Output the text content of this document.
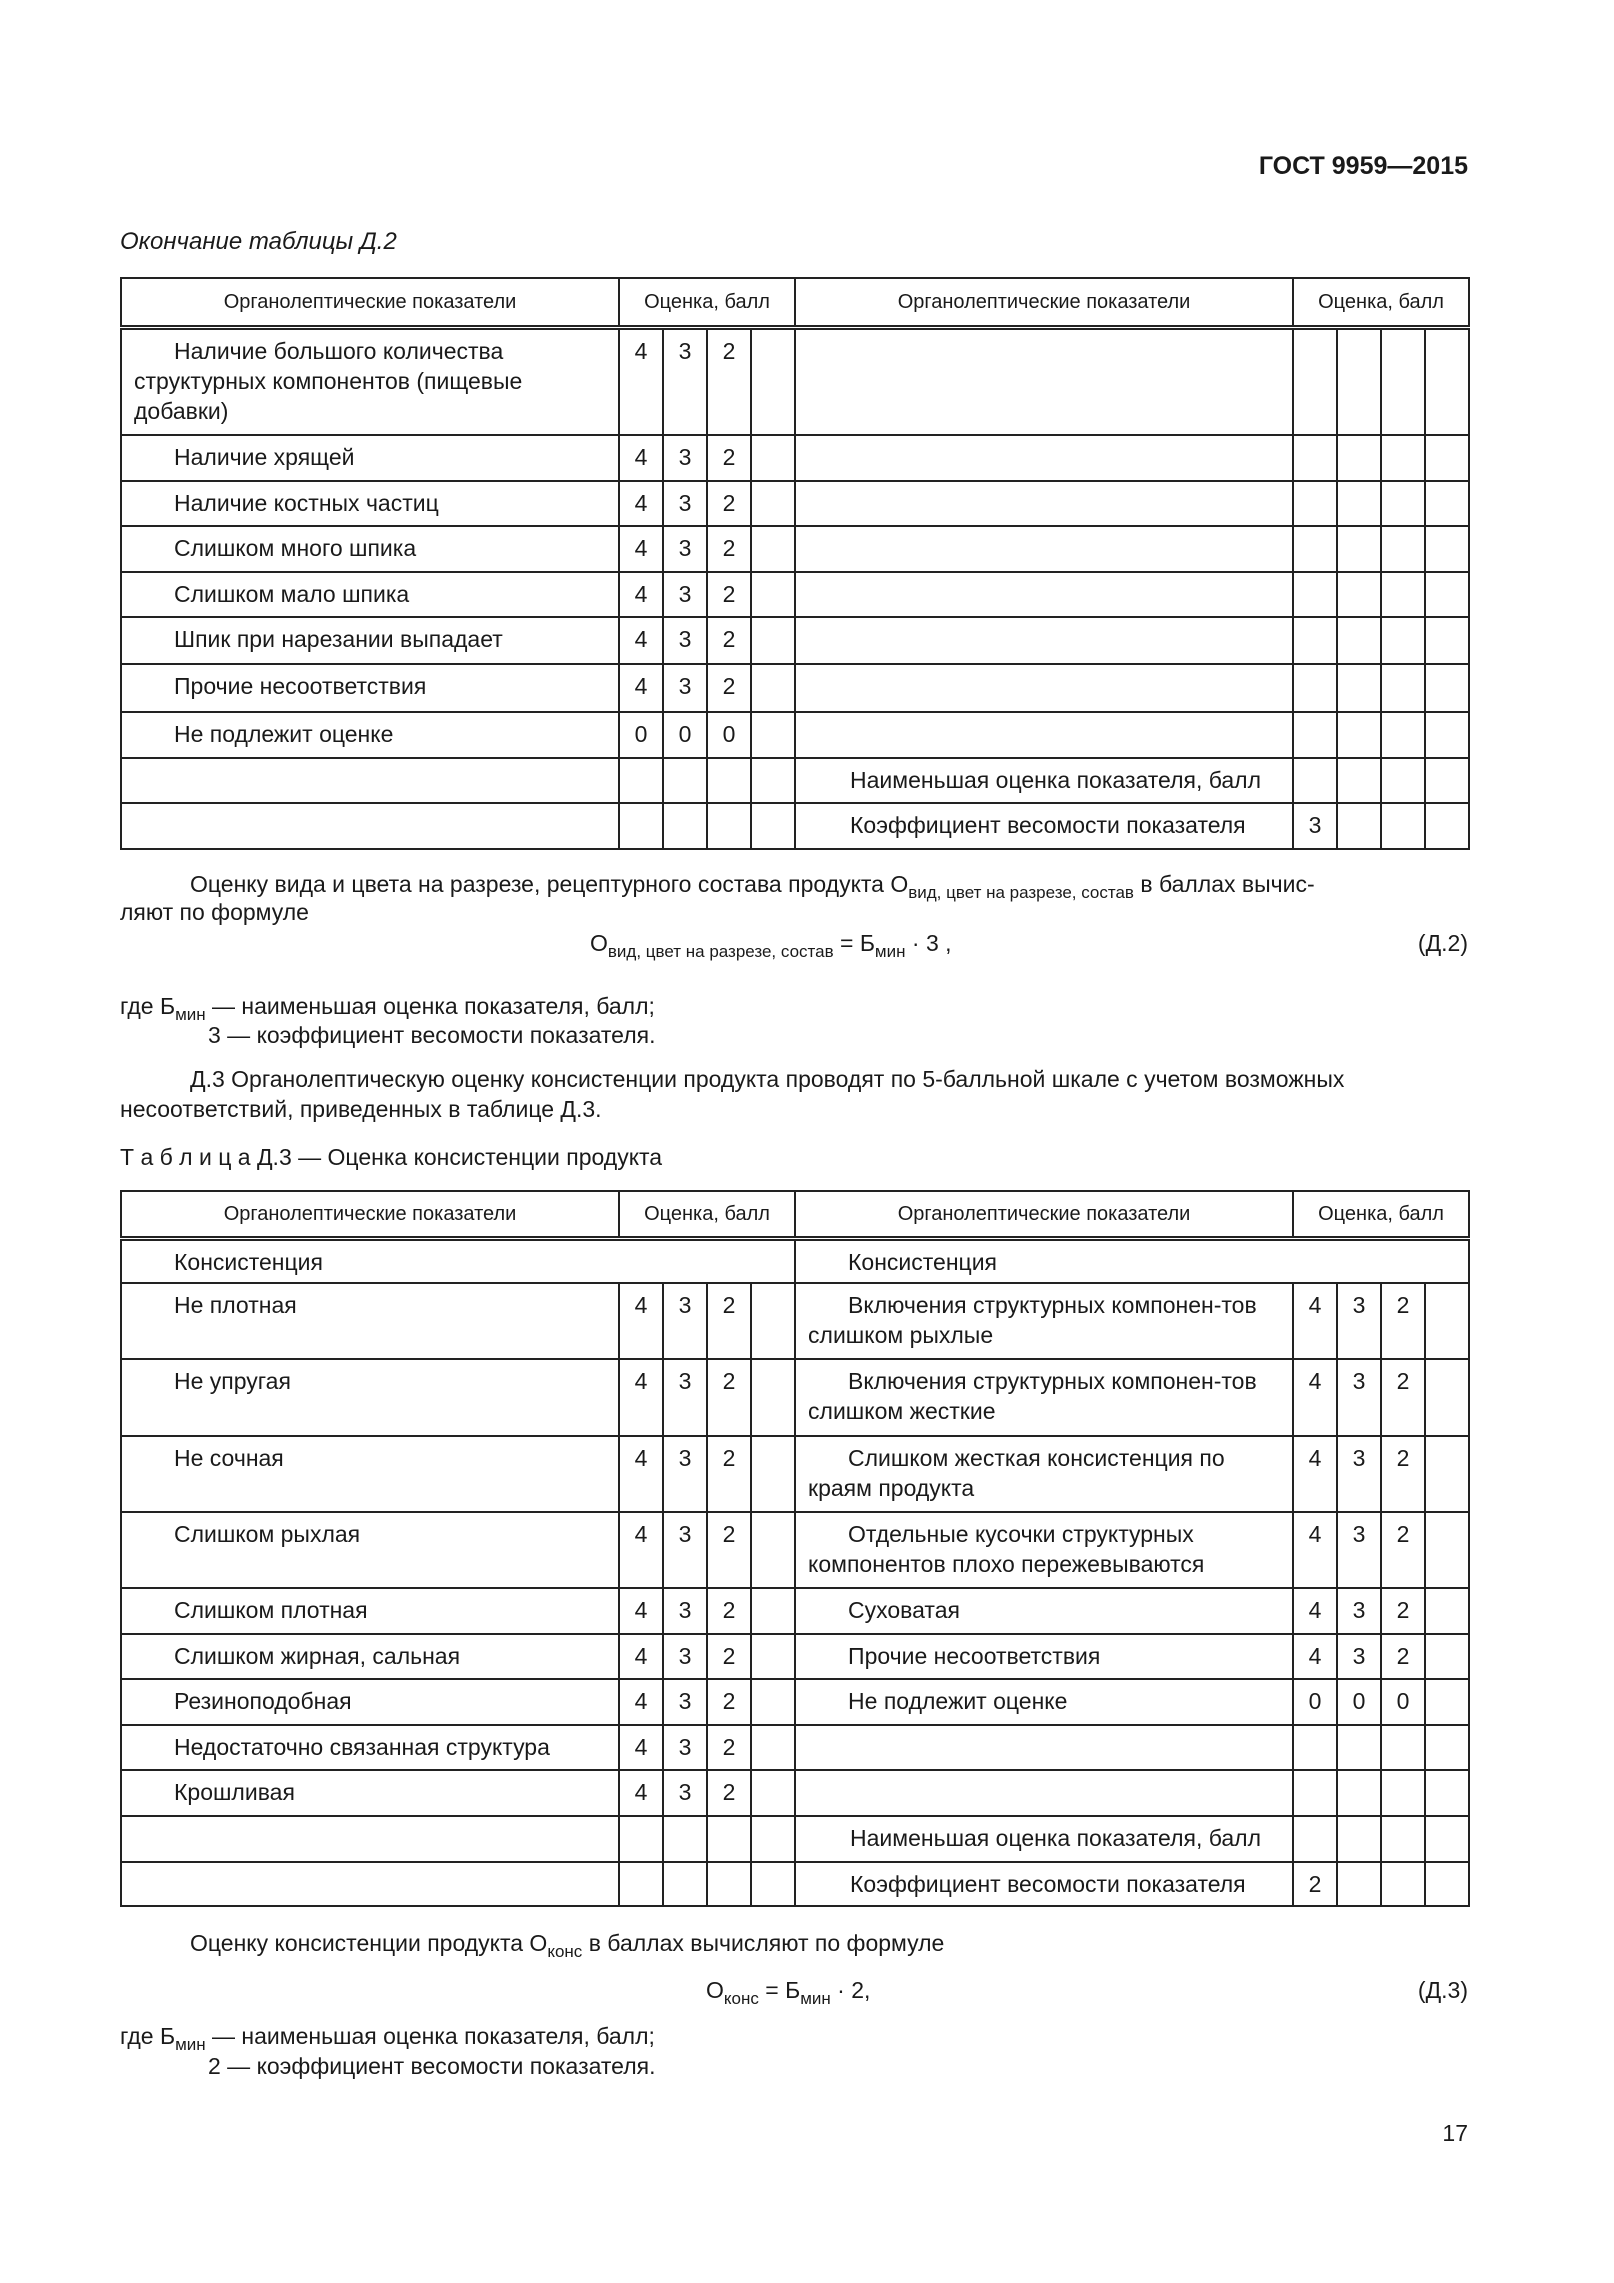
ГОСТ 9959—2015
Окончание таблицы Д.2
Органолептические показатели	Оценка, балл				Органолептические показатели	Оценка, балл			
Наличие большого количества структурных компонентов (пищевые добавки)	4	3	2						
Наличие хрящей	4	3	2						
Наличие костных частиц	4	3	2						
Слишком много шпика	4	3	2						
Слишком мало шпика	4	3	2						
Шпик при нарезании выпадает	4	3	2						
Прочие несоответствия	4	3	2						
Не подлежит оценке	0	0	0						
					Наименьшая оценка показателя, балл				
					Коэффициент весомости показателя	3			
Оценку вида и цвета на разрезе, рецептурного состава продукта $О_{вид, цвет на разрезе, состав}$ в баллах вычис-
ляют по формуле
$О_{вид, цвет на разрезе, состав} = Б_{мин} \cdot 3$ ,	(Д.2)
где $Б_{мин}$ — наименьшая оценка показателя, балл;
3 — коэффициент весомости показателя.
Д.3 Органолептическую оценку консистенции продукта проводят по 5-балльной шкале с учетом возможных
несоответствий, приведенных в таблице Д.3.
Т а б л и ц а Д.3 — Оценка консистенции продукта
Органолептические показатели	Оценка, балл				Органолептические показатели	Оценка, балл			
Консистенция					Консистенция				
Не плотная	4	3	2		Включения структурных компонен-тов слишком рыхлые	4	3	2	
Не упругая	4	3	2		Включения структурных компонен-тов слишком жесткие	4	3	2	
Не сочная	4	3	2		Слишком жесткая консистенция по краям продукта	4	3	2	
Слишком рыхлая	4	3	2		Отдельные кусочки структурных компонентов плохо пережевываются	4	3	2	
Слишком плотная	4	3	2		Суховатая	4	3	2	
Слишком жирная, сальная	4	3	2		Прочие несоответствия	4	3	2	
Резиноподобная	4	3	2		Не подлежит оценке	0	0	0	
Недостаточно связанная структура	4	3	2						
Крошливая	4	3	2						
					Наименьшая оценка показателя, балл				
					Коэффициент весомости показателя	2			
Оценку консистенции продукта $О_{конс}$ в баллах вычисляют по формуле
$О_{конс} = Б_{мин} \cdot 2$,	(Д.3)
где $Б_{мин}$ — наименьшая оценка показателя, балл;
2 — коэффициент весомости показателя.
17
